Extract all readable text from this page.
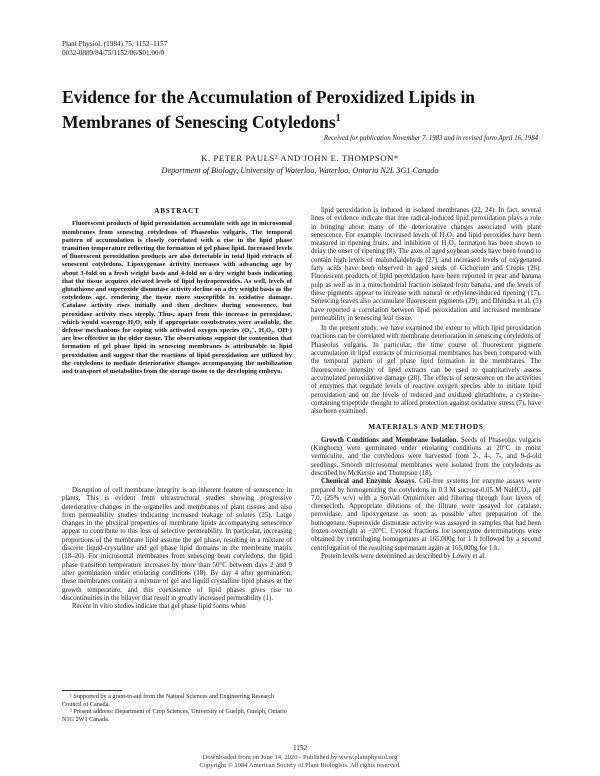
Plant Physiol. (1984) 75, 1152–1157
0032-0889/84/75/1152/06/$01.00/0
Evidence for the Accumulation of Peroxidized Lipids in Membranes of Senescing Cotyledons$^1$
Received for publication November 7, 1983 and in revised form April 16, 1984
K. PETER PAULS² AND JOHN E. THOMPSON*
Department of Biology, University of Waterloo, Waterloo, Ontario N2L 3G1 Canada
ABSTRACT
Fluorescent products of lipid peroxidation accumulate with age in microsomal membranes from senescing cotyledons of Phaseolus vulgaris. The temporal pattern of accumulation is closely correlated with a rise in the lipid phase transition temperature reflecting the formation of gel phase lipid. Increased levels of fluorescent peroxidation products are also detectable in total lipid extracts of senescent cotyledons. Lipoxygenase activity increases with advancing age by about 3-fold on a fresh weight basis and 4-fold on a dry weight basis indicating that the tissue acquires elevated levels of lipid hydroperoxides. As well, levels of glutathione and superoxide dismutase activity decline on a dry weight basis as the cotyledons age, rendering the tissue more susceptible to oxidative damage. Catalase activity rises initially and then declines during senescence, but peroxidase activity rises steeply. Thus, apart from this increase in peroxidase, which would scavenge H₂O₂ only if appropriate cosubstrates were available, the defense mechanisms for coping with activated oxygen species (O₂⁻, H₂O₂, OH·) are less effective in the older tissue. The observations support the contention that formation of gel phase lipid in senescing membranes is attributable to lipid peroxidation and suggest that the reactions of lipid peroxidation are utilized by the cotyledons to mediate deteriorative changes accompanying the mobilization and transport of metabolites from the storage tissue to the developing embryo.

Disruption of cell membrane integrity is an inherent feature of senescence in plants. This is evident from ultrastructural studies showing progressive deteriorative changes in the organelles and membranes of plant tissues and also from permeability studies indicating increased leakage of solutes (25). Large changes in the physical properties of membrane lipids accompanying senescence appear to contribute to this loss of selective permeability. In particular, increasing proportions of the membrane lipid assume the gel phase, resulting in a mixture of discrete liquid-crystalline and gel phase lipid domains in the membrane matrix (18–20). For microsomal membranes from senescing bean cotyledons, the lipid phase transition temperature increases by more than 50°C between days 2 and 9 after germination under etiolating conditions (18). By day 4 after germination, these membranes contain a mixture of gel and liquid crystalline lipid phases at the growth temperature, and this coexistence of lipid phases gives rise to discontinuities in the bilayer that result in greatly increased permeability (1).

Recent in vitro studies indicate that gel phase lipid forms when

¹ Supported by a grant-in-aid from the Natural Sciences and Engineering Research Council of Canada.

² Present address: Department of Crop Sciences, University of Guelph, Guelph, Ontario N1G 2W1 Canada.

lipid peroxidation is induced in isolated membranes (22, 24). In fact, several lines of evidence indicate that free radical-induced lipid peroxidation plays a role in bringing about many of the deteriorative changes associated with plant senescence. For example, increased levels of H₂O₂ and lipid peroxides have been measured in ripening fruits, and inhibition of H₂O₂ formation has been shown to delay the onset of ripening (8). The axes of aged soybean seeds have been found to contain high levels of malondialdehyde (27), and increased levels of oxygenated fatty acids have been observed in aged seeds of Cichorium and Crepis (26). Fluorescent products of lipid peroxidation have been reported in pear and banana pulp as well as in a mitochondrial fraction isolated from banana, and the levels of these pigments appear to increase with natural or ethylene-induced ripening (17). Senescing leaves also accumulate fluorescent pigments (29), and Dhindsa et al. (5) have reported a correlation between lipid peroxidation and increased membrane permeability in senescing leaf tissue.

In the present study, we have examined the extent to which lipid peroxidation reactions can be correlated with membrane deterioration in senescing cotyledons of Phaseolus vulgaris. In particular, the time course of fluorescent pigment accumulation in lipid extracts of microsomal membranes has been compared with the temporal pattern of gel phase lipid formation in the membranes. The fluorescence intensity of lipid extracts can be used to quantitatively assess accumulated peroxidative damage (28). The effects of senescence on the activities of enzymes that regulate levels of reactive oxygen species able to initiate lipid peroxidation and on the levels of reduced and oxidized glutathione, a cysteine-containing tripeptide thought to afford protection against oxidative stress (7), have also been examined.

MATERIALS AND METHODS

Growth Conditions and Membrane Isolation. Seeds of Phaseolus vulgaris (Kinghorn) were germinated under etiolating conditions at 20°C in moist vermiculite, and the cotyledons were harvested from 2-, 4-, 7-, and 9-d-old seedlings. Smooth microsomal membranes were isolated from the cotyledons as described by McKersie and Thompson (18).

Chemical and Enzymic Assays. Cell-free systems for enzyme assays were prepared by homogenizing the cotyledons in 0.3 M sucrose-0.05 M NaHCO₃, pH 7.0, (25% w/v) with a Sorvall Omnimixer and filtering through four layers of cheesecloth. Appropriate dilutions of the filtrate were assayed for catalase, peroxidase, and lipoxygenase as soon as possible after preparation of the homogenate. Superoxide dismutase activity was assayed in samples that had been frozen overnight at −20°C. Cytosol fractions for isoenzyme determinations were obtained by centrifuging homogenates at 165,000g for 1 h followed by a second centrifugation of the resulting supernatant again at 165,000g for 1 h.

Protein levels were determined as described by Lowry et al.

1152
Downloaded from on June 14, 2020 - Published by www.plantphysiol.org
Copyright © 1984 American Society of Plant Biologists. All rights reserved.
